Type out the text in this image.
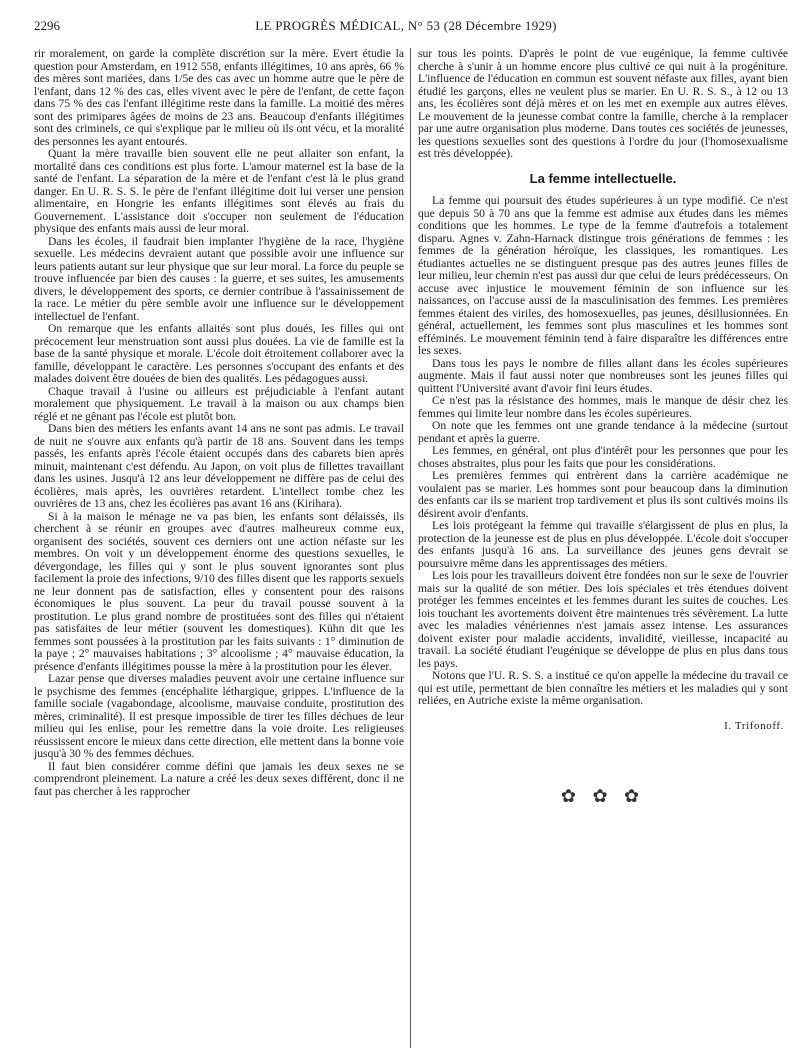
2296	LE PROGRÈS MÉDICAL, N° 53 (28 Décembre 1929)

rir moralement, on garde la complète discrétion sur la mère. Evert étudie la question pour Amsterdam, en 1912 558, enfants illégitimes, 10 ans après, 66 % des mères sont mariées, dans 1/5e des cas avec un homme autre que le père de l'enfant, dans 12 % des cas, elles vivent avec le père de l'enfant, de cette façon dans 75 % des cas l'enfant illégitime reste dans la famille. La moitié des mères sont des primipares âgées de moins de 23 ans. Beaucoup d'enfants illégitimes sont des criminels, ce qui s'explique par le milieu où ils ont vécu, et la moralité des personnes les ayant entourés.

Quant la mère travaille bien souvent elle ne peut allaiter son enfant, la mortalité dans ces conditions est plus forte. L'amour maternel est la base de la santé de l'enfant. La séparation de la mère et de l'enfant c'est là le plus grand danger. En U. R. S. S. le père de l'enfant illégitime doit lui verser une pension alimentaire, en Hongrie les enfants illégitimes sont élevés au frais du Gouvernement. L'assistance doit s'occuper non seulement de l'éducation physique des enfants mais aussi de leur moral.

Dans les écoles, il faudrait bien implanter l'hygiène de la race, l'hygiène sexuelle. Les médecins devraient autant que possible avoir une influence sur leurs patients autant sur leur physique que sur leur moral. La force du peuple se trouve influencée par bien des causes : la guerre, et ses suites, les amusements divers, le développement des sports, ce dernier contribue à l'assainissement de la race. Le métier du père semble avoir une influence sur le développement intellectuel de l'enfant.

On remarque que les enfants allaités sont plus doués, les filles qui ont précocement leur menstruation sont aussi plus douées. La vie de famille est la base de la santé physique et morale. L'école doit étroitement collaborer avec la famille, développant le caractère. Les personnes s'occupant des enfants et des malades doivent être douées de bien des qualités. Les pédagogues aussi.

Chaque travail à l'usine ou ailleurs est préjudiciable à l'enfant autant moralement que physiquement. Le travail à la maison ou aux champs bien réglé et ne gênant pas l'école est plutôt bon.

Dans bien des métiers les enfants avant 14 ans ne sont pas admis. Le travail de nuit ne s'ouvre aux enfants qu'à partir de 18 ans. Souvent dans les temps passés, les enfants après l'école étaient occupés dans des cabarets bien après minuit, maintenant c'est défendu. Au Japon, on voit plus de fillettes travaillant dans les usines. Jusqu'à 12 ans leur développement ne diffère pas de celui des écolières, mais après, les ouvrières retardent. L'intellect tombe chez les ouvrières de 13 ans, chez les écolières pas avant 16 ans (Kirihara).

Si à la maison le ménage ne va pas bien, les enfants sont délaissés, ils cherchent à se réunir en groupes avec d'autres malheureux comme eux, organisent des sociétés, souvent ces derniers ont une action néfaste sur les membres. On voit y un développement énorme des questions sexuelles, le dévergondage, les filles qui y sont le plus souvent ignorantes sont plus facilement la proie des infections, 9/10 des filles disent que les rapports sexuels ne leur donnent pas de satisfaction, elles y consentent pour des raisons économiques le plus souvent. La peur du travail pousse souvent à la prostitution. Le plus grand nombre de prostituées sont des filles qui n'étaient pas satisfaites de leur métier (souvent les domestiques). Kühn dit que les femmes sont poussées à la prostitution par les faits suivants : 1° diminution de la paye ; 2° mauvaises habitations ; 3° alcoolisme ; 4° mauvaise éducation, la présence d'enfants illégitimes pousse la mère à la prostitution pour les élever.

Lazar pense que diverses maladies peuvent avoir une certaine influence sur le psychisme des femmes (encéphalite léthargique, grippes. L'influence de la famille sociale (vagabondage, alcoolisme, mauvaise conduite, prostitution des mères, criminalité). Il est presque impossible de tirer les filles déchues de leur milieu qui les enlise, pour les remettre dans la voie droite. Les religieuses réussissent encore le mieux dans cette direction, elle mettent dans la bonne voie jusqu'à 30 % des femmes déchues.

Il faut bien considérer comme défini que jamais les deux sexes ne se comprendront pleinement. La nature a créé les deux sexes différent, donc il ne faut pas chercher à les rapprocher

sur tous les points. D'après le point de vue eugénique, la femme cultivée cherche à s'unir à un homme encore plus cultivé ce qui nuit à la progéniture. L'influence de l'éducation en commun est souvent néfaste aux filles, ayant bien étudié les garçons, elles ne veulent plus se marier. En U. R. S. S., à 12 ou 13 ans, les écolières sont déjà mères et on les met en exemple aux autres élèves. Le mouvement de la jeunesse combat contre la famille, cherche à la remplacer par une autre organisation plus moderne. Dans toutes ces sociétés de jeunesses, les questions sexuelles sont des questions à l'ordre du jour (l'homosexualisme est très développée).

La femme intellectuelle.

La femme qui poursuit des études supérieures à un type modifié. Ce n'est que depuis 50 à 70 ans que la femme est admise aux études dans les mêmes conditions que les hommes. Le type de la femme d'autrefois a totalement disparu. Agnes v. Zahn-Harnack distingue trois générations de femmes : les femmes de la génération héroïque, les classiques, les romantiques. Les étudiantes actuelles ne se distinguent presque pas des autres jeunes filles de leur milieu, leur chemin n'est pas aussi dur que celui de leurs prédécesseurs. On accuse avec injustice le mouvement féminin de son influence sur les naissances, on l'accuse aussi de la masculinisation des femmes. Les premières femmes étaient des viriles, des homosexuelles, pas jeunes, désillusionnées. En général, actuellement, les femmes sont plus masculines et les hommes sont efféminés. Le mouvement féminin tend à faire disparaître les différences entre les sexes.

Dans tous les pays le nombre de filles allant dans les écoles supérieures augmente. Mais il faut aussi noter que nombreuses sont les jeunes filles qui quittent l'Université avant d'avoir fini leurs études.

Ce n'est pas la résistance des hommes, mais le manque de désir chez les femmes qui limite leur nombre dans les écoles supérieures.

On note que les femmes ont une grande tendance à la médecine (surtout pendant et après la guerre.

Les femmes, en général, ont plus d'intérêt pour les personnes que pour les choses abstraites, plus pour les faits que pour les considérations.

Les premières femmes qui entrèrent dans la carrière académique ne voulaient pas se marier. Les hommes sont pour beaucoup dans la diminution des enfants car ils se marient trop tardivement et plus ils sont cultivés moins ils désirent avoir d'enfants.

Les lois protégeant la femme qui travaille s'élargissent de plus en plus, la protection de la jeunesse est de plus en plus développée. L'école doit s'occuper des enfants jusqu'à 16 ans. La surveillance des jeunes gens devrait se poursuivre même dans les apprentissages des métiers.

Les lois pour les travailleurs doivent être fondées non sur le sexe de l'ouvrier mais sur la qualité de son métier. Des lois spéciales et très étendues doivent protéger les femmes enceintes et les femmes durant les suites de couches. Les lois touchant les avortements doivent être maintenues très sévèrement. La lutte avec les maladies vénériennes n'est jamais assez intense. Les assurances doivent exister pour maladie accidents, invalidité, vieillesse, incapacité au travail. La société étudiant l'eugénique se développe de plus en plus dans tous les pays.

Notons que l'U. R. S. S. a institué ce qu'on appelle la médecine du travail ce qui est utile, permettant de bien connaître les métiers et les maladies qui y sont reliées, en Autriche existe la même organisation.

I. Trifonoff.
✿ ✿ ✿
